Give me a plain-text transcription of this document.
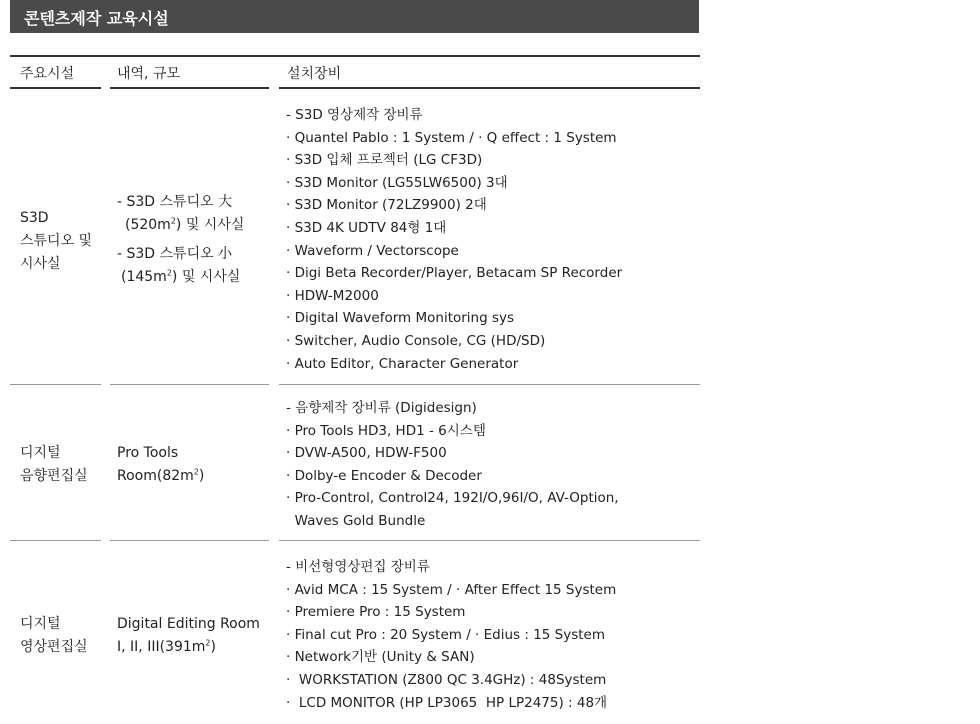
콘텐츠제작 교육시설
주요시설	내역, 규모	설치장비
S3D
스튜디오 및
시사실
- S3D 스튜디오 大
$(520m^2)$ 및 시사실
- S3D 스튜디오 小
$(145m^2)$ 및 시사실
- S3D 영상제작 장비류
· Quantel Pablo : 1 System / · Q effect : 1 System
· S3D 입체 프로젝터 (LG CF3D)
· S3D Monitor (LG55LW6500) 3대
· S3D Monitor (72LZ9900) 2대
· S3D 4K UDTV 84형 1대
· Waveform / Vectorscope
· Digi Beta Recorder/Player, Betacam SP Recorder
· HDW-M2000
· Digital Waveform Monitoring sys
· Switcher, Audio Console, CG (HD/SD)
· Auto Editor, Character Generator
디지털
음향편집실
Pro Tools
$Room(82m^2)$
- 음향제작 장비류 (Digidesign)
· Pro Tools HD3, HD1 - 6시스템
· DVW-A500, HDW-F500
· Dolby-e Encoder & Decoder
· Pro-Control, Control24, 192I/O,96I/O, AV-Option,
Waves Gold Bundle
디지털
영상편집실
Digital Editing Room
I, II, $III(391m^2)$
- 비선형영상편집 장비류
· Avid MCA : 15 System / · After Effect 15 System
· Premiere Pro : 15 System
· Final cut Pro : 20 System / · Edius : 15 System
· Network기반 (Unity & SAN)
·  WORKSTATION (Z800 QC 3.4GHz) : 48System
·  LCD MONITOR (HP LP3065  HP LP2475) : 48개
